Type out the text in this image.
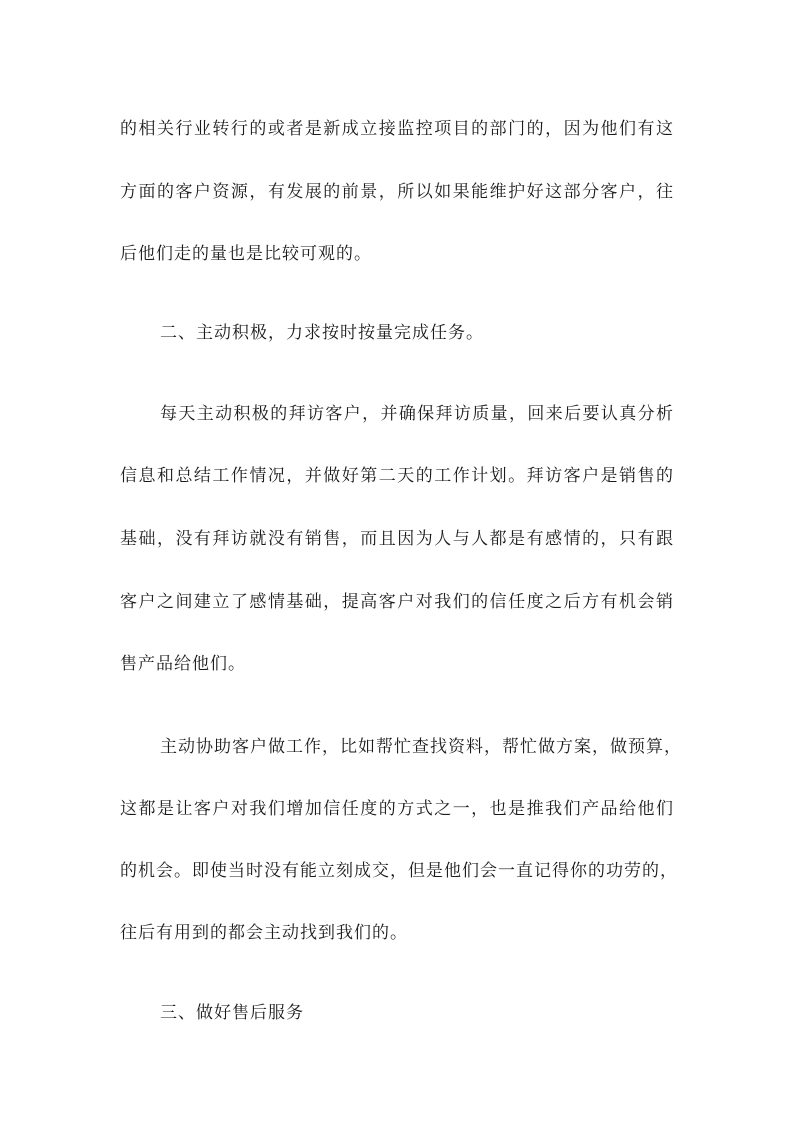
的相关行业转行的或者是新成立接监控项目的部门的，因为他们有这
方面的客户资源，有发展的前景，所以如果能维护好这部分客户，往
后他们走的量也是比较可观的。
二、主动积极，力求按时按量完成任务。
每天主动积极的拜访客户，并确保拜访质量，回来后要认真分析
信息和总结工作情况，并做好第二天的工作计划。拜访客户是销售的
基础，没有拜访就没有销售，而且因为人与人都是有感情的，只有跟
客户之间建立了感情基础，提高客户对我们的信任度之后方有机会销
售产品给他们。
主动协助客户做工作，比如帮忙查找资料，帮忙做方案，做预算，
这都是让客户对我们增加信任度的方式之一，也是推我们产品给他们
的机会。即使当时没有能立刻成交，但是他们会一直记得你的功劳的，
往后有用到的都会主动找到我们的。
三、做好售后服务
